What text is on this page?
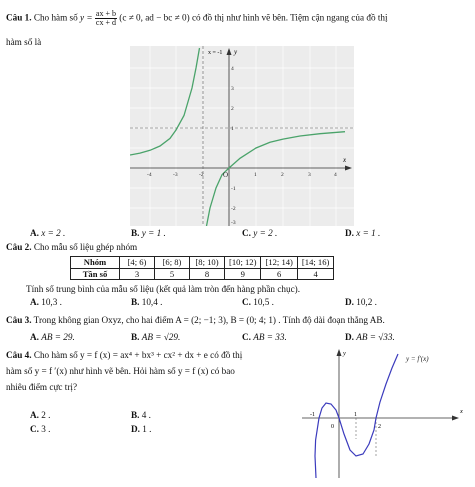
Câu 1. Cho hàm số $y = \frac{ax + b}{cx + d} (c \ne 0$, ad − bc ≠ 0) có đồ thị như hình vẽ bên. Tiệm cận ngang của đồ thị
hàm số là
x = -1 y
x
-4	-3	-2	O	1	2	3	4
4
3
2
1
-1
-2
-3
A. x = 2 .	B. y = 1 .	C. y = 2 .	D. x = 1 .
Câu 2. Cho mẫu số liệu ghép nhóm
Nhóm	[4; 6)	[6; 8)	[8; 10)	[10; 12)	[12; 14)	[14; 16)
Tần số	3	5	8	9	6	4
Tính số trung bình của mẫu số liệu (kết quả làm tròn đến hàng phần chục).
A. 10,3 .	B. 10,4 .	C. 10,5 .	D. 10,2 .
Câu 3. Trong không gian Oxyz, cho hai điểm A = (2; −1; 3), B = (0; 4; 1) . Tính độ dài đoạn thẳng AB.
A. AB = 29.	B. AB = √29.	C. AB = 33.	D. AB = √33.
Câu 4. Cho hàm số y = f (x) = ax⁴ + bx³ + cx² + dx + e có đồ thị
hàm số y = f ′(x) như hình vẽ bên. Hỏi hàm số y = f (x) có bao
nhiêu điểm cực trị?
A. 2 .	B. 4 .
C. 3 .	D. 1 .
y
x
y = f′(x)
-1	1
2
0
